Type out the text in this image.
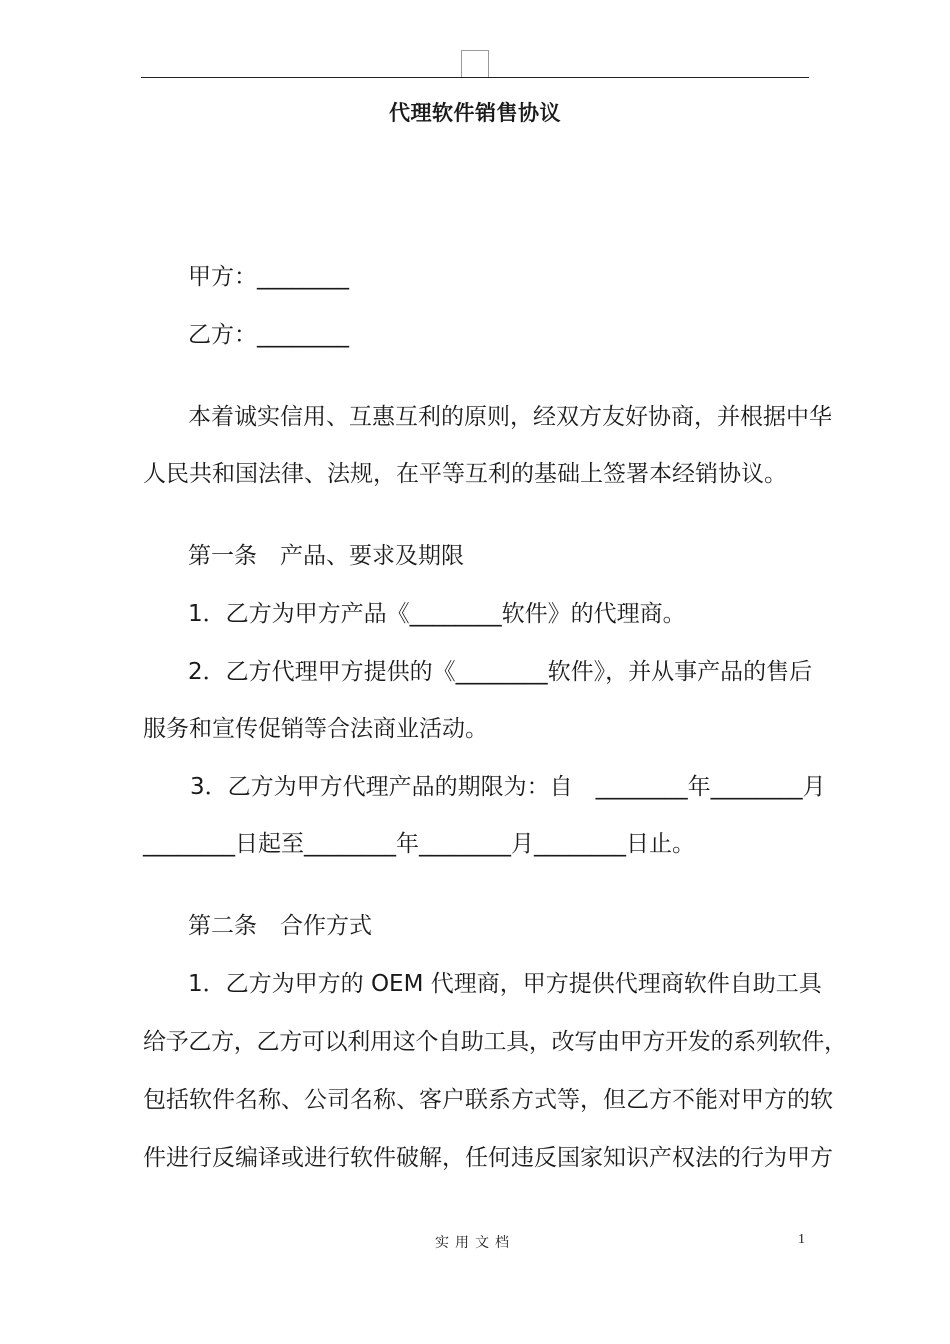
代理软件销售协议
甲方：________
乙方：________
本着诚实信用、互惠互利的原则，经双方友好协商，并根据中华
人民共和国法律、法规，在平等互利的基础上签署本经销协议。
第一条　产品、要求及期限
1．乙方为甲方产品《________软件》的代理商。
2．乙方代理甲方提供的《________软件》，并从事产品的售后
服务和宣传促销等合法商业活动。
3．乙方为甲方代理产品的期限为：自　________年________月
________日起至________年________月________日止。
第二条　合作方式
1．乙方为甲方的 OEM 代理商，甲方提供代理商软件自助工具
给予乙方，乙方可以利用这个自助工具，改写由甲方开发的系列软件，
包括软件名称、公司名称、客户联系方式等，但乙方不能对甲方的软
件进行反编译或进行软件破解，任何违反国家知识产权法的行为甲方
实用文档	1
